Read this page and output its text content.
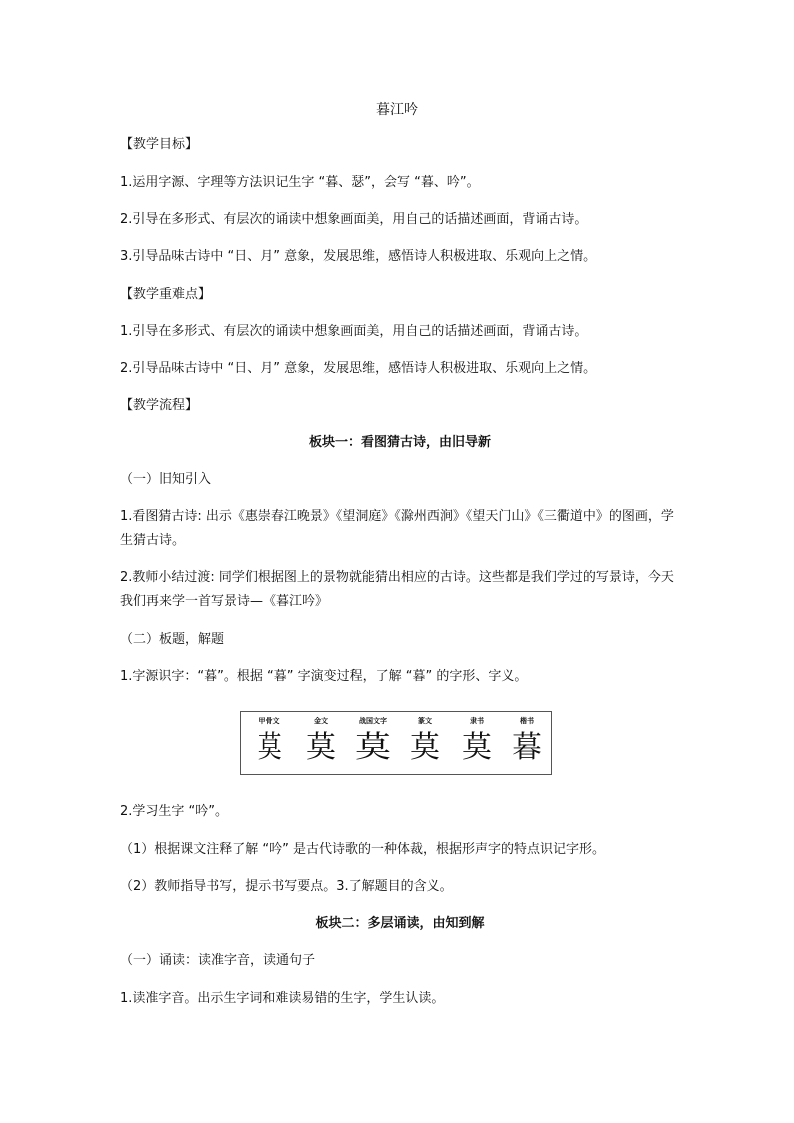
暮江吟
【教学目标】
1.运用字源、字理等方法识记生字 “暮、瑟”，会写 “暮、吟”。
2.引导在多形式、有层次的诵读中想象画面美，用自己的话描述画面，背诵古诗。
3.引导品味古诗中 “日、月” 意象，发展思维，感悟诗人积极进取、乐观向上之情。
【教学重难点】
1.引导在多形式、有层次的诵读中想象画面美，用自己的话描述画面，背诵古诗。
2.引导品味古诗中 “日、月” 意象，发展思维，感悟诗人积极进取、乐观向上之情。
【教学流程】
板块一：看图猜古诗，由旧导新
（一）旧知引入
1.看图猜古诗: 出示《惠崇春江晚景》《望洞庭》《滁州西涧》《望天门山》《三衢道中》的图画，学生猜古诗。
2.教师小结过渡: 同学们根据图上的景物就能猜出相应的古诗。这些都是我们学过的写景诗，今天我们再来学一首写景诗—《暮江吟》
（二）板题，解题
1.字源识字：“暮”。根据 “暮” 字演变过程，了解 “暮” 的字形、字义。
甲骨文
莫
金文
莫
战国文字
莫
篆文
莫
隶书
莫
楷书
暮
2.学习生字 “吟”。
（1）根据课文注释了解 “吟” 是古代诗歌的一种体裁，根据形声字的特点识记字形。
（2）教师指导书写，提示书写要点。3.了解题目的含义。
板块二：多层诵读，由知到解
（一）诵读：读准字音，读通句子
1.读准字音。出示生字词和难读易错的生字，学生认读。
